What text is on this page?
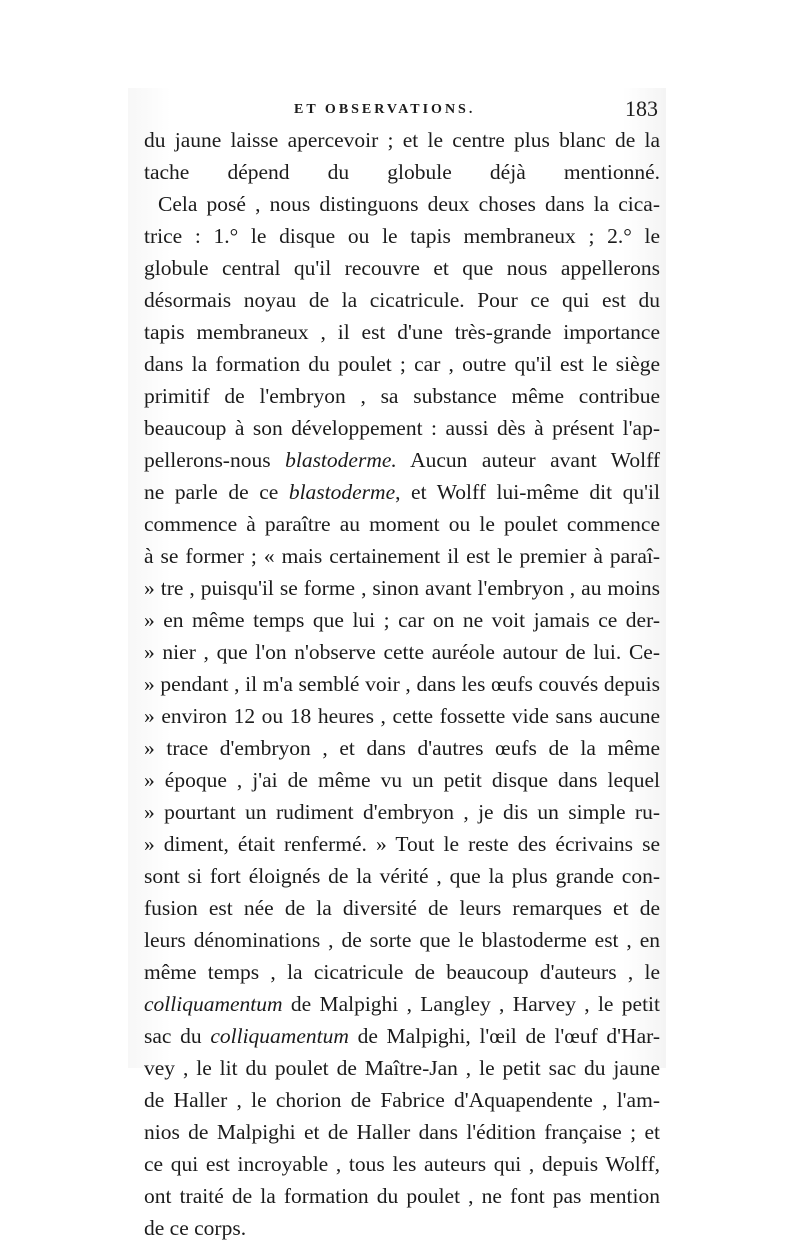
ET OBSERVATIONS.	183
du jaune laisse apercevoir ; et le centre plus blanc de la
tache dépend du globule déjà mentionné.
Cela posé , nous distinguons deux choses dans la cica-
trice : 1.° le disque ou le tapis membraneux ; 2.° le
globule central qu'il recouvre et que nous appellerons
désormais noyau de la cicatricule. Pour ce qui est du
tapis membraneux , il est d'une très-grande importance
dans la formation du poulet ; car , outre qu'il est le siège
primitif de l'embryon , sa substance même contribue
beaucoup à son développement : aussi dès à présent l'ap-
pellerons-nous blastoderme. Aucun auteur avant Wolff
ne parle de ce blastoderme, et Wolff lui-même dit qu'il
commence à paraître au moment ou le poulet commence
à se former ; « mais certainement il est le premier à paraî-
» tre , puisqu'il se forme , sinon avant l'embryon , au moins
» en même temps que lui ; car on ne voit jamais ce der-
» nier , que l'on n'observe cette auréole autour de lui. Ce-
» pendant , il m'a semblé voir , dans les œufs couvés depuis
» environ 12 ou 18 heures , cette fossette vide sans aucune
» trace d'embryon , et dans d'autres œufs de la même
» époque , j'ai de même vu un petit disque dans lequel
» pourtant un rudiment d'embryon , je dis un simple ru-
» diment, était renfermé. » Tout le reste des écrivains se
sont si fort éloignés de la vérité , que la plus grande con-
fusion est née de la diversité de leurs remarques et de
leurs dénominations , de sorte que le blastoderme est , en
même temps , la cicatricule de beaucoup d'auteurs , le
colliquamentum de Malpighi , Langley , Harvey , le petit
sac du colliquamentum de Malpighi, l'œil de l'œuf d'Har-
vey , le lit du poulet de Maître-Jan , le petit sac du jaune
de Haller , le chorion de Fabrice d'Aquapendente , l'am-
nios de Malpighi et de Haller dans l'édition française ; et
ce qui est incroyable , tous les auteurs qui , depuis Wolff,
ont traité de la formation du poulet , ne font pas mention
de ce corps.
